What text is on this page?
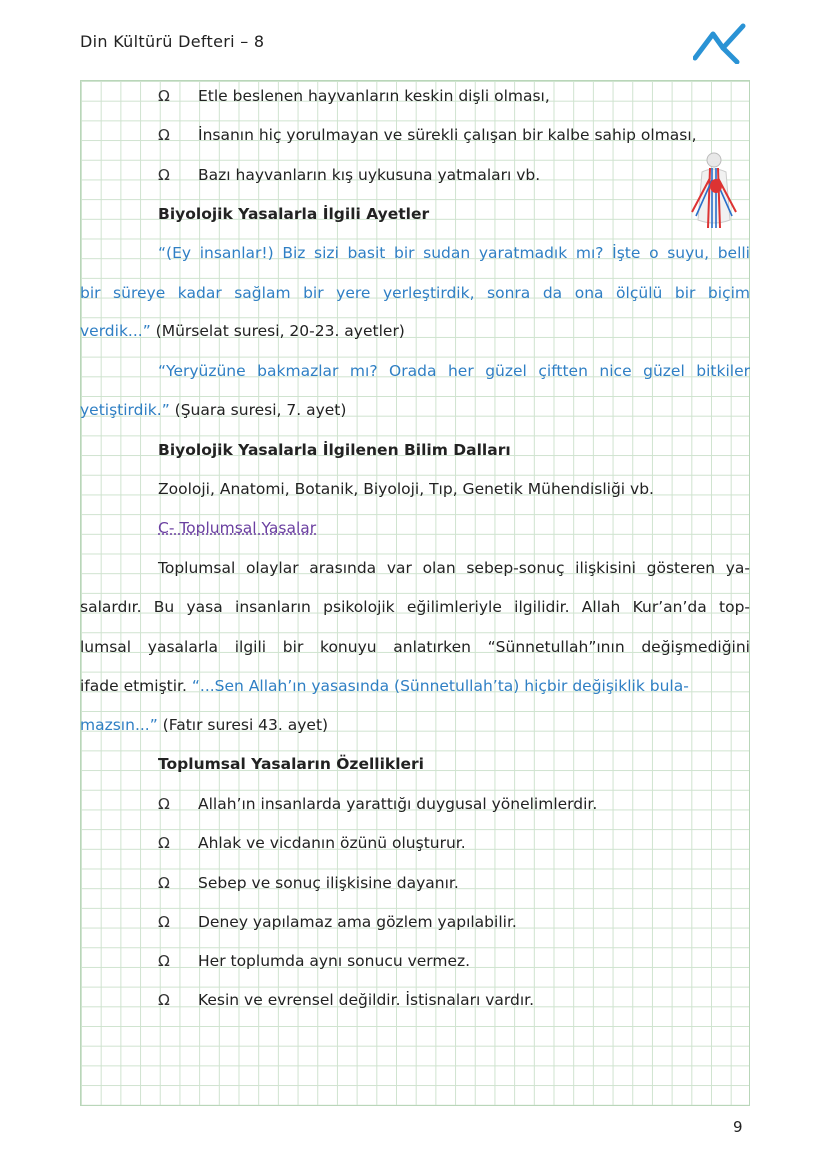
Din Kültürü Defteri – 8
Ω Etle beslenen hayvanların keskin dişli olması,
Ω İnsanın hiç yorulmayan ve sürekli çalışan bir kalbe sahip olması,
Ω Bazı hayvanların kış uykusuna yatmaları vb.
Biyolojik Yasalarla İlgili Ayetler
“(Ey insanlar!) Biz sizi basit bir sudan yaratmadık mı? İşte o suyu, belli
bir süreye kadar sağlam bir yere yerleştirdik, sonra da ona ölçülü bir biçim
verdik...” (Mürselat suresi, 20-23. ayetler)
“Yeryüzüne bakmazlar mı? Orada her güzel çiftten nice güzel bitkiler
yetiştirdik.” (Şuara suresi, 7. ayet)
Biyolojik Yasalarla İlgilenen Bilim Dalları
Zooloji, Anatomi, Botanik, Biyoloji, Tıp, Genetik Mühendisliği vb.
C- Toplumsal Yasalar
Toplumsal olaylar arasında var olan sebep-sonuç ilişkisini gösteren ya-
salardır. Bu yasa insanların psikolojik eğilimleriyle ilgilidir. Allah Kur’an’da top-
lumsal yasalarla ilgili bir konuyu anlatırken “Sünnetullah”ının değişmediğini
ifade etmiştir. “...Sen Allah’ın yasasında (Sünnetullah’ta) hiçbir değişiklik bula-
mazsın...” (Fatır suresi 43. ayet)
Toplumsal Yasaların Özellikleri
Ω Allah’ın insanlarda yarattığı duygusal yönelimlerdir.
Ω Ahlak ve vicdanın özünü oluşturur.
Ω Sebep ve sonuç ilişkisine dayanır.
Ω Deney yapılamaz ama gözlem yapılabilir.
Ω Her toplumda aynı sonucu vermez.
Ω Kesin ve evrensel değildir. İstisnaları vardır.
9
